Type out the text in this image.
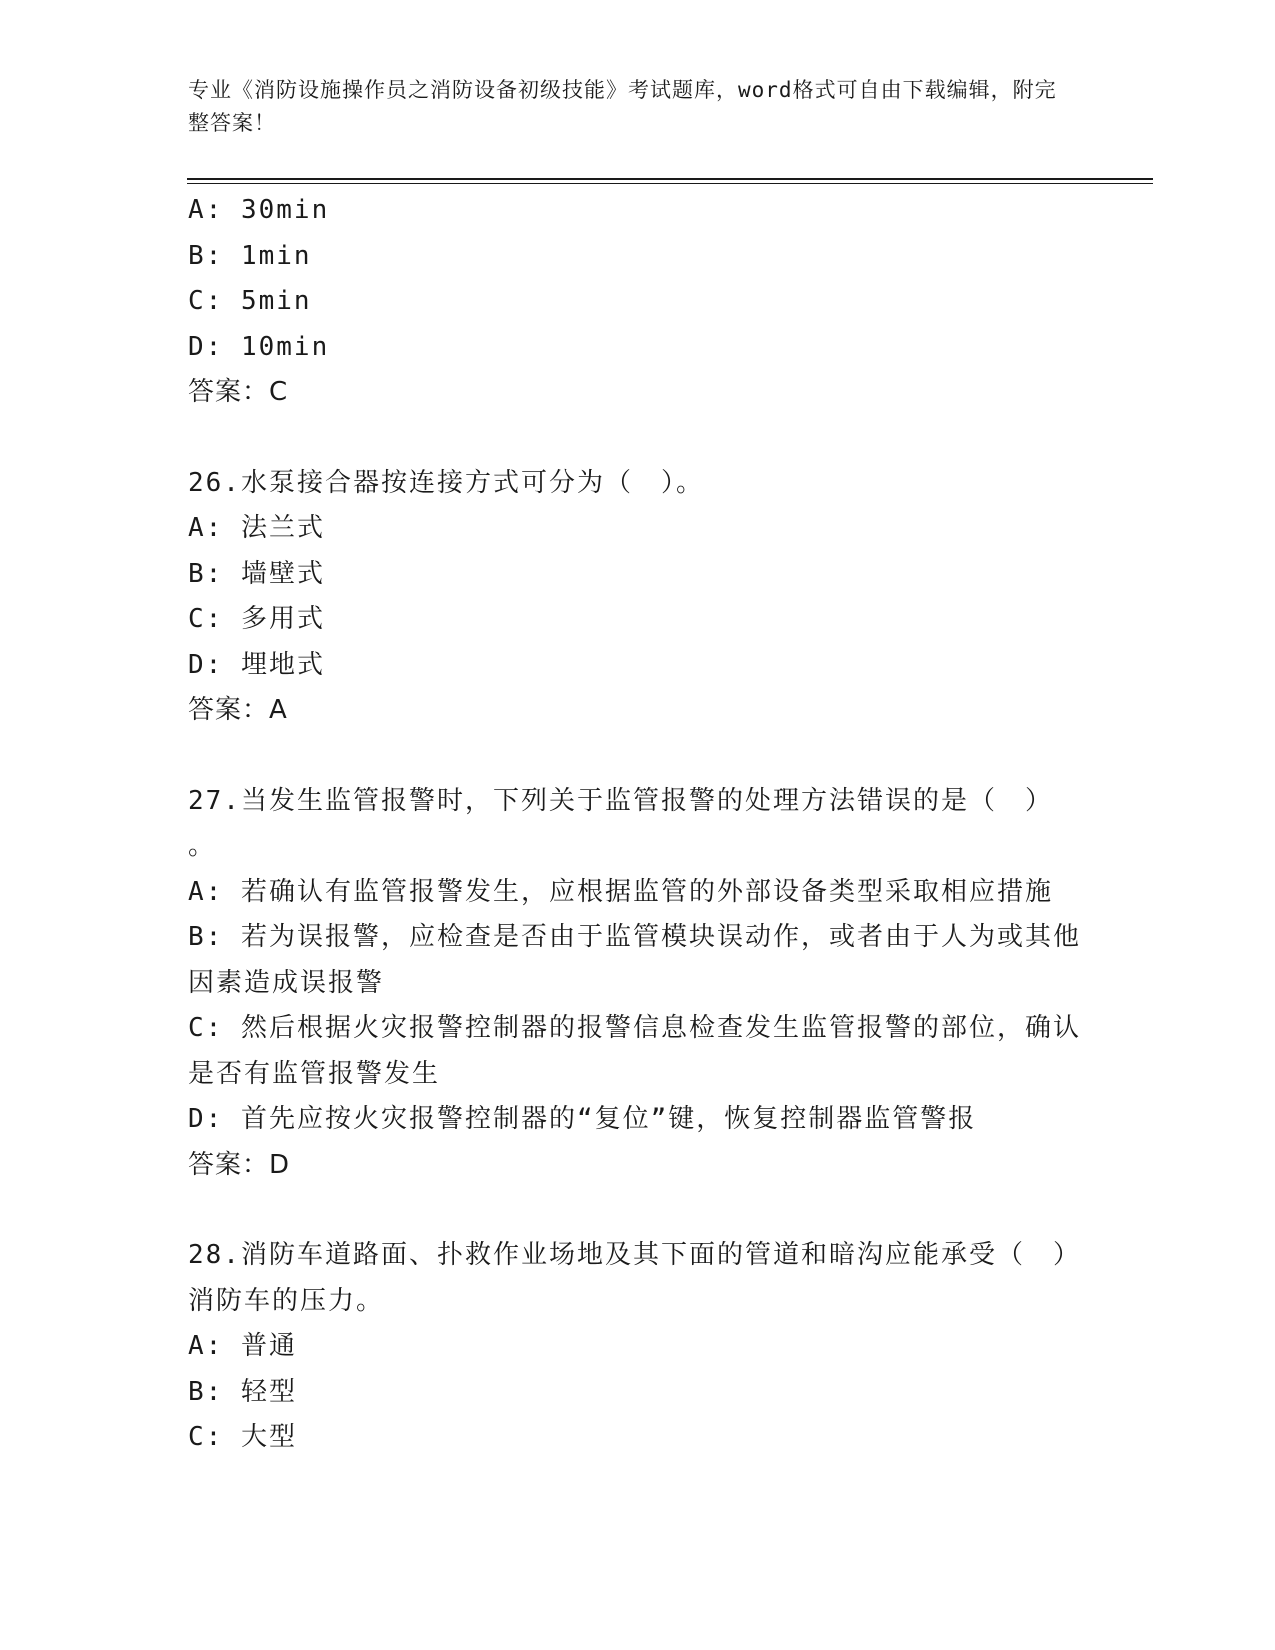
专业《消防设施操作员之消防设备初级技能》考试题库，word格式可自由下载编辑，附完整答案！
A: 30min
B: 1min
C: 5min
D: 10min
答案：C
26.水泵接合器按连接方式可分为（　）。
A: 法兰式
B: 墙壁式
C: 多用式
D: 埋地式
答案：A
27.当发生监管报警时，下列关于监管报警的处理方法错误的是（　）
。
A: 若确认有监管报警发生，应根据监管的外部设备类型采取相应措施
B: 若为误报警，应检查是否由于监管模块误动作，或者由于人为或其他因素造成误报警
C: 然后根据火灾报警控制器的报警信息检查发生监管报警的部位，确认是否有监管报警发生
D: 首先应按火灾报警控制器的“复位”键，恢复控制器监管警报
答案：D
28.消防车道路面、扑救作业场地及其下面的管道和暗沟应能承受（　）消防车的压力。
A: 普通
B: 轻型
C: 大型
